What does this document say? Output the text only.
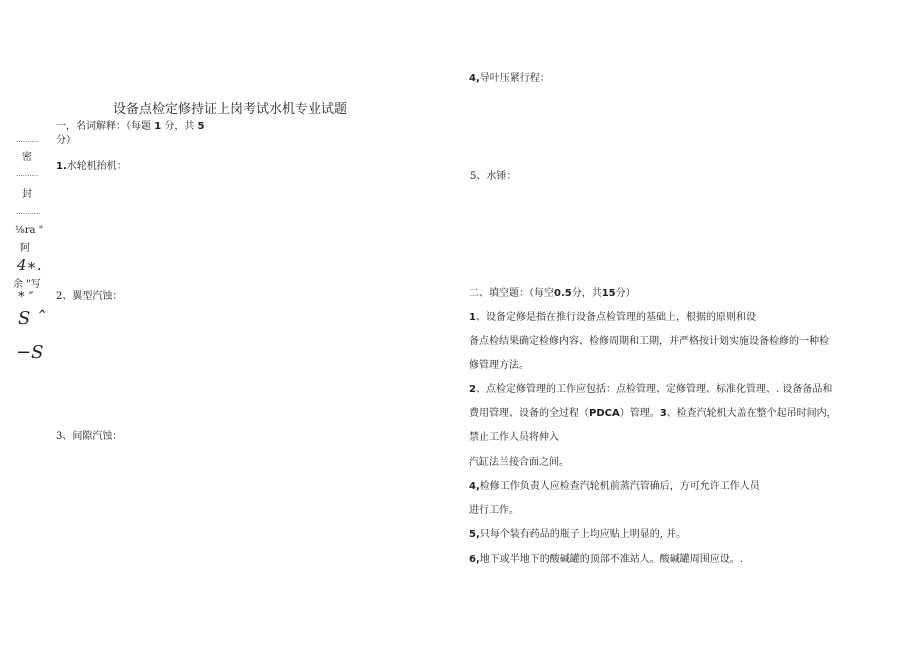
··········
密
··········
封
···········
⅛ra "
阿
4∗.
余 "写
* ″
S ˆ
−S
设备点检定修持证上岗考试水机专业试题
一，名词解释：（每题 1 分，共 5
分）
1.水轮机抬机：
2、翼型汽蚀：
3、间隙汽蚀：
4,导叶压紧行程：
5、水锤：
二、填空题：（每空0.5分，共15分）
1、设备定修是指在推行设备点检管理的基础上，根据的原则和设
备点检结果确定检修内容、检修周期和工期，并严格按计划实施设备检修的一种检
修管理方法。
2、点检定修管理的工作应包括：点检管理、定修管理、标准化管理、. 设备备品和
费用管理、设备的全过程（PDCA）管理。3、检查汽轮机大盖在整个起吊时间内，
禁止工作人员将伸入
汽缸法兰接合面之间。
4,检修工作负责人应检查汽轮机前蒸汽管确后，方可允许工作人员
进行工作。
5,只每个装有药品的瓶子上均应贴上明显的, 并。
6,地下或半地下的酸碱罐的顶部不准站人。酸碱罐周围应设。.
